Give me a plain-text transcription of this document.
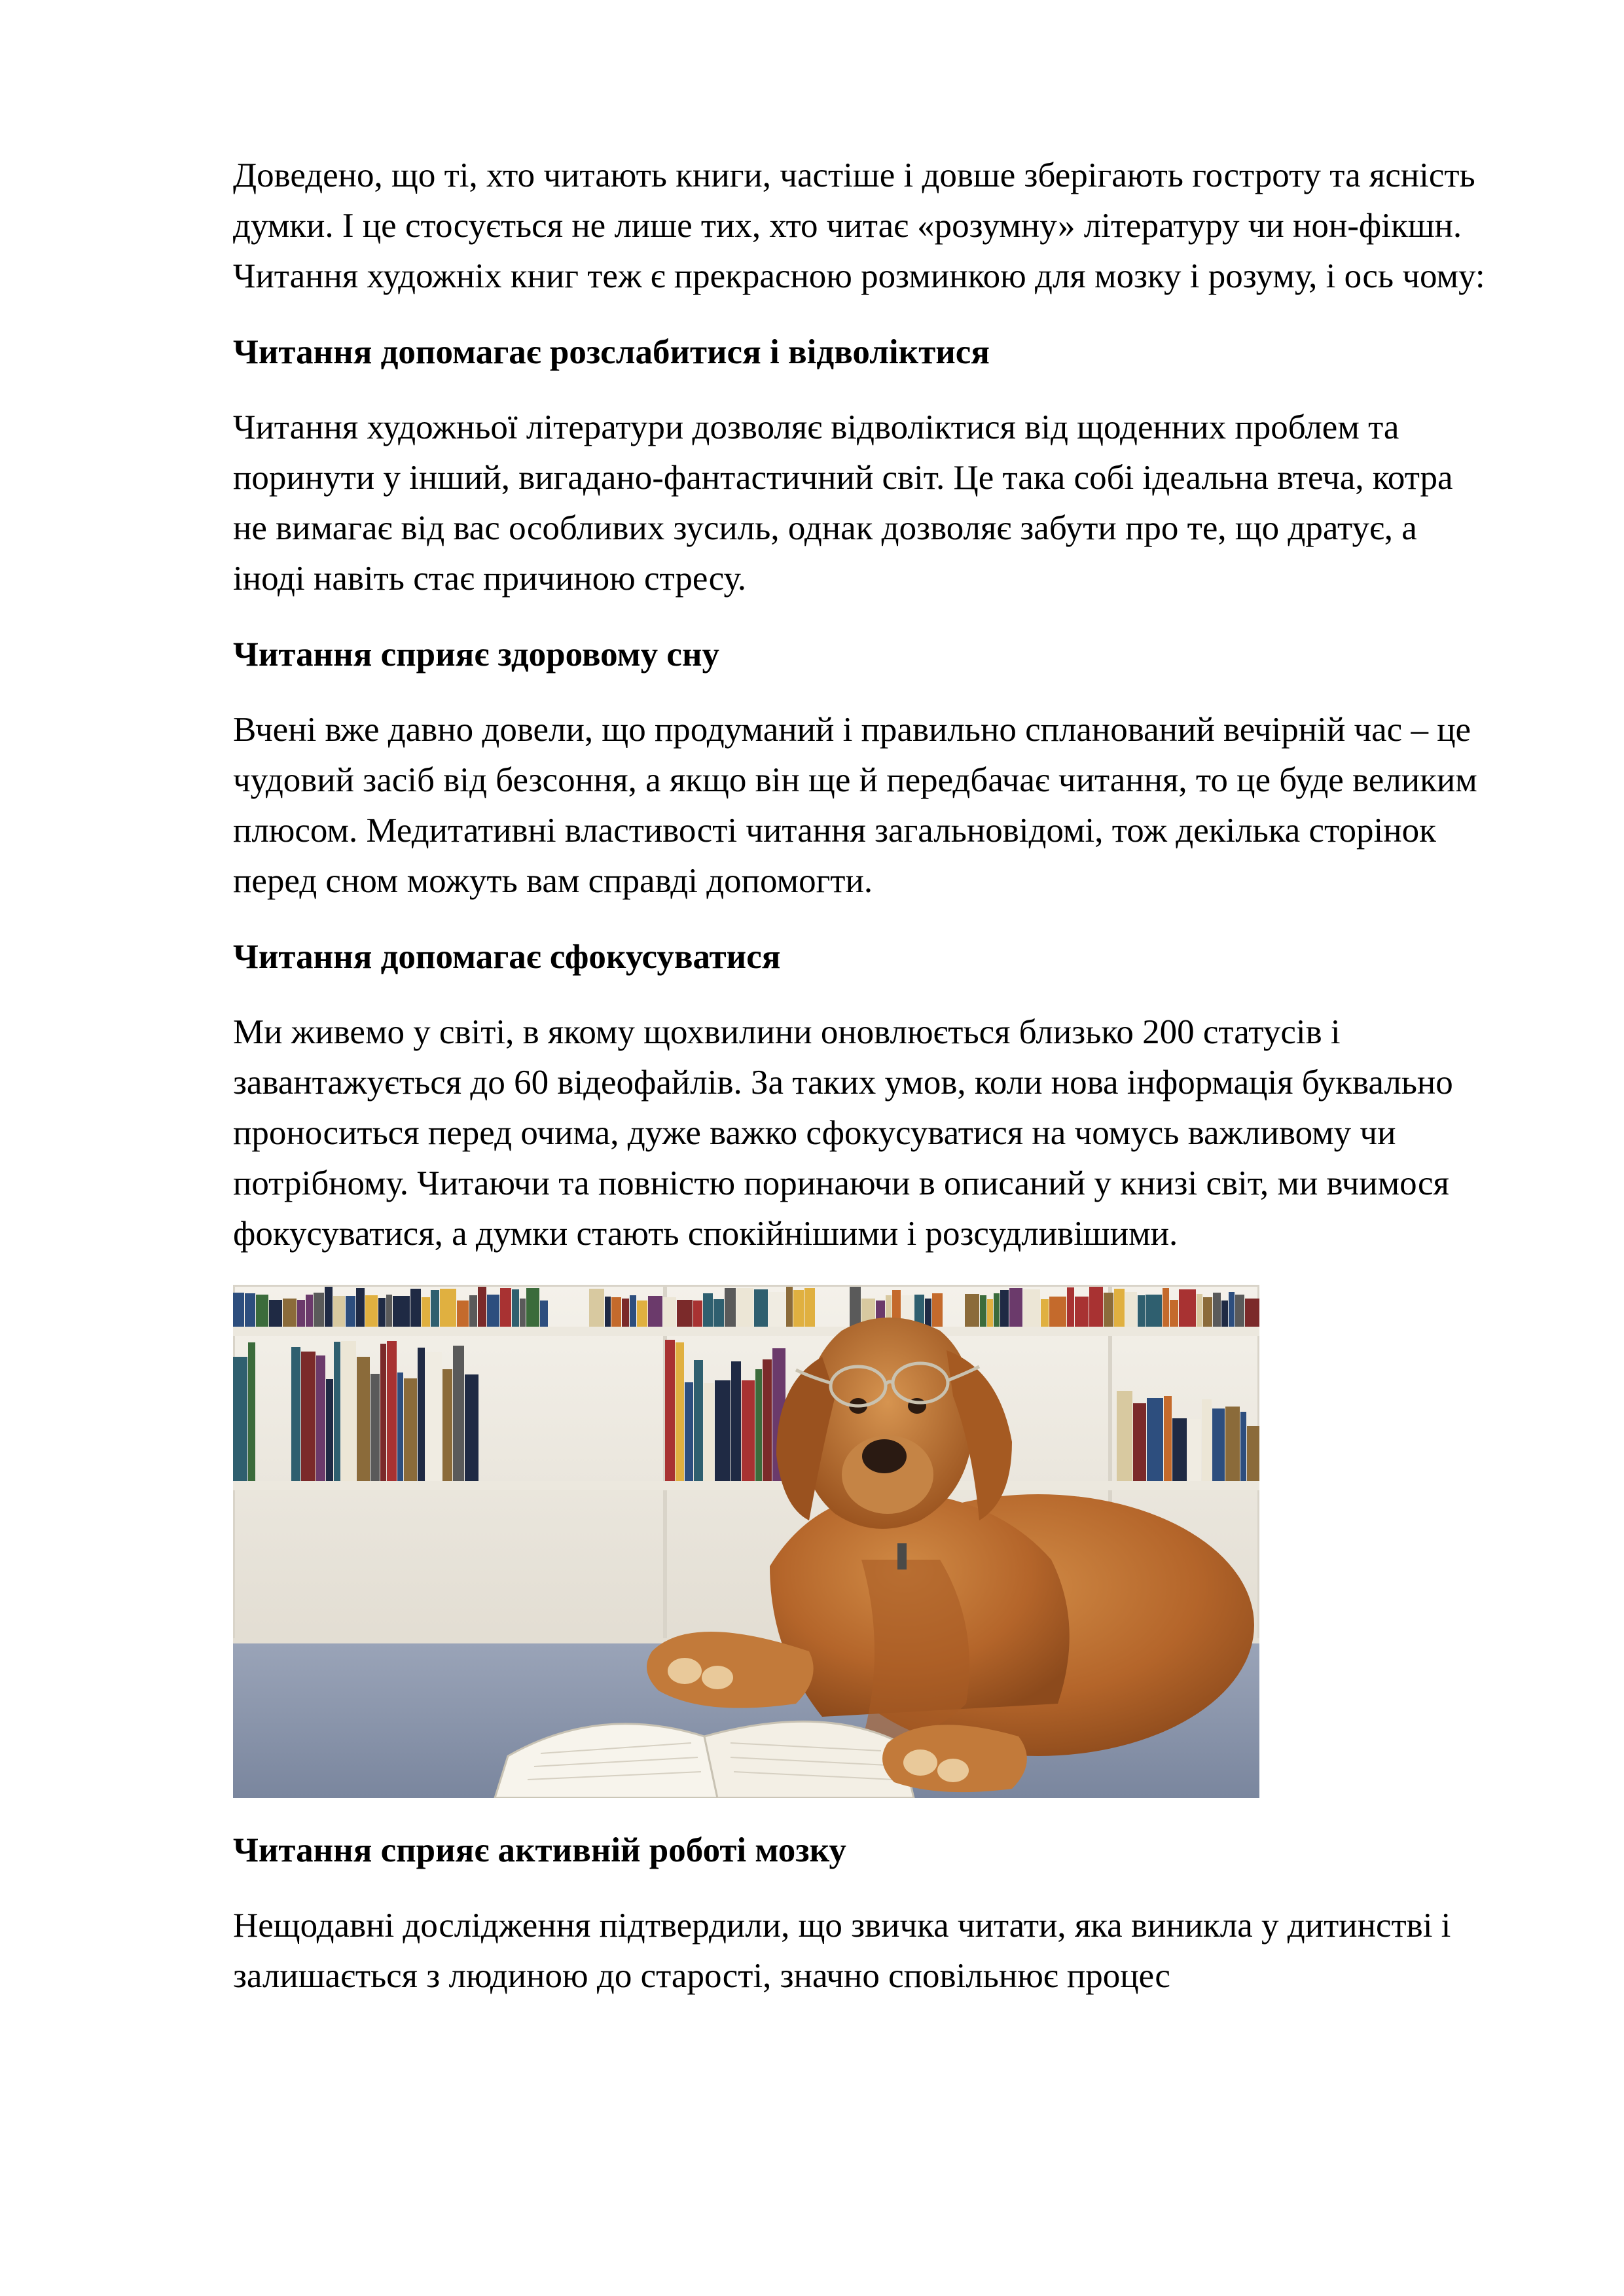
Доведено, що ті, хто читають книги, частіше і довше зберігають гостроту та ясність думки. І це стосується не лише тих, хто читає «розумну» літературу чи нон-фікшн. Читання художніх книг теж є прекрасною розминкою для мозку і розуму, і ось чому:

Читання допомагає розслабитися і відволіктися

Читання художньої літератури дозволяє відволіктися від щоденних проблем та поринути у інший, вигадано-фантастичний світ. Це така собі ідеальна втеча, котра не вимагає від вас особливих зусиль, однак дозволяє забути про те, що дратує, а іноді навіть стає причиною стресу.

Читання сприяє здоровому сну

Вчені вже давно довели, що продуманий і правильно спланований вечірній час – це чудовий засіб від безсоння, а якщо він ще й передбачає читання, то це буде великим плюсом. Медитативні властивості читання загальновідомі, тож декілька сторінок перед сном можуть вам справді допомогти.

Читання допомагає сфокусуватися

Ми живемо у світі, в якому щохвилини оновлюється близько 200 статусів і завантажується до 60 відеофайлів. За таких умов, коли нова інформація буквально проноситься перед очима, дуже важко сфокусуватися на чомусь важливому чи потрібному. Читаючи та повністю поринаючи в описаний у книзі світ, ми вчимося фокусуватися, а думки стають спокійнішими і розсудливішими.

Читання сприяє активній роботі мозку

Нещодавні дослідження підтвердили, що звичка читати, яка виникла у дитинстві і залишається з людиною до старості, значно сповільнює процес
